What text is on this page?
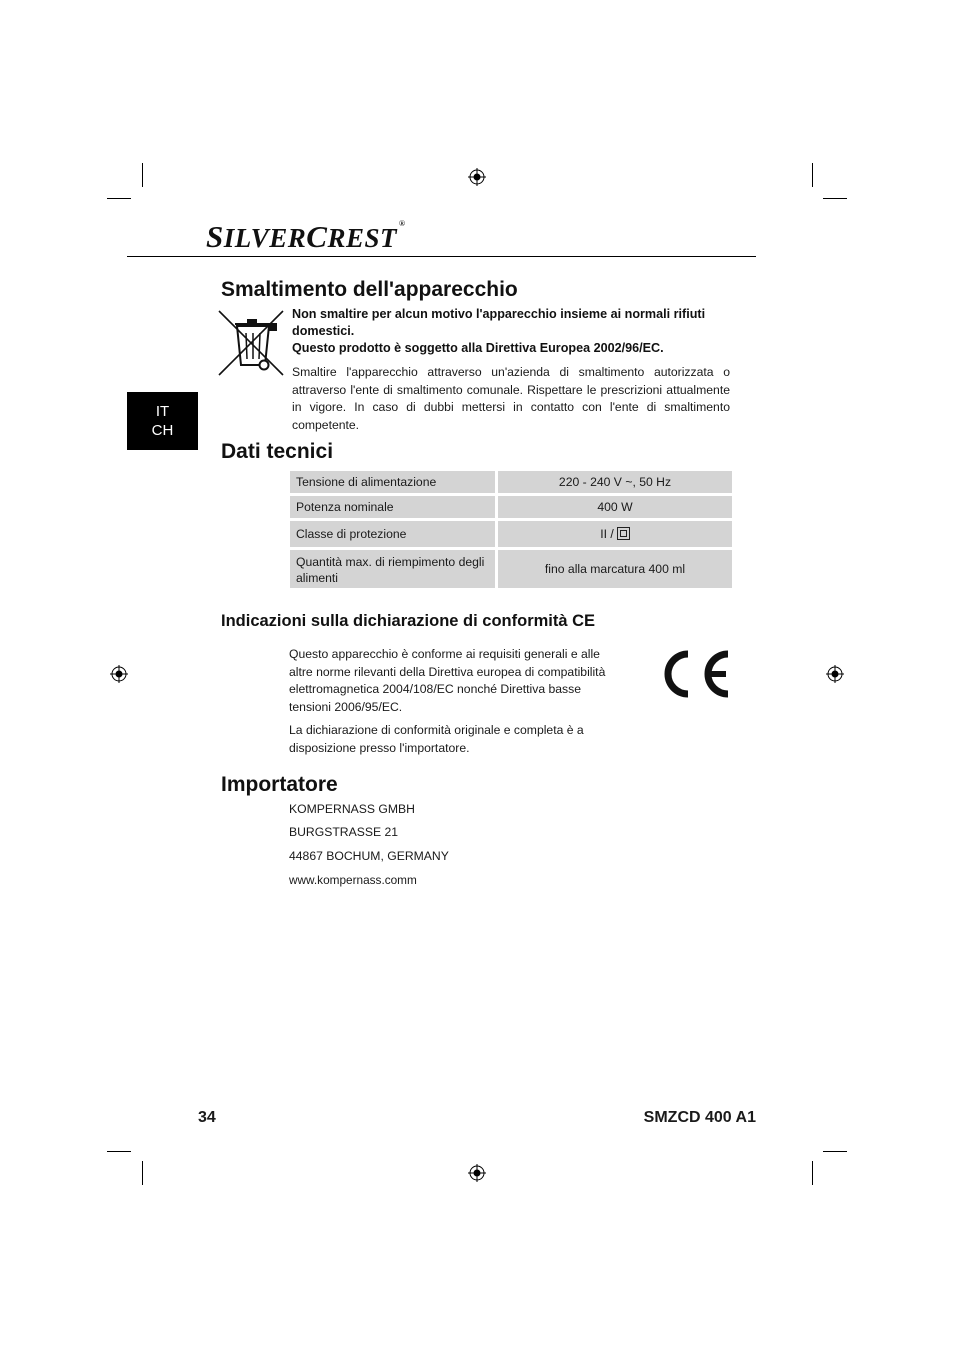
SILVERCREST ®
IT
CH
Smaltimento dell'apparecchio
Non smaltire per alcun motivo l'apparecchio insieme ai normali rifiuti domestici.
Questo prodotto è soggetto alla Direttiva Europea 2002/96/EC.
Smaltire l'apparecchio attraverso un'azienda di smaltimento autorizzata o attraverso l'ente di smaltimento comunale. Rispettare le prescrizioni attualmente in vigore. In caso di dubbi mettersi in contatto con l'ente di smaltimento competente.
Dati tecnici
Tensione di alimentazione	220 - 240 V ~, 50 Hz
Potenza nominale	400 W
Classe di protezione	II /
Quantità max. di riempimento degli alimenti	fino alla marcatura 400 ml
Indicazioni sulla dichiarazione di conformità CE
Questo apparecchio è conforme ai requisiti generali e alle altre norme rilevanti della Direttiva europea di compatibilità elettromagnetica 2004/108/EC nonché Direttiva basse tensioni 2006/95/EC.
La dichiarazione di conformità originale e completa è a disposizione presso l'importatore.
Importatore
KOMPERNASS GMBH
BURGSTRASSE 21
44867 BOCHUM, GERMANY
www.kompernass.comm
34	SMZCD 400 A1
